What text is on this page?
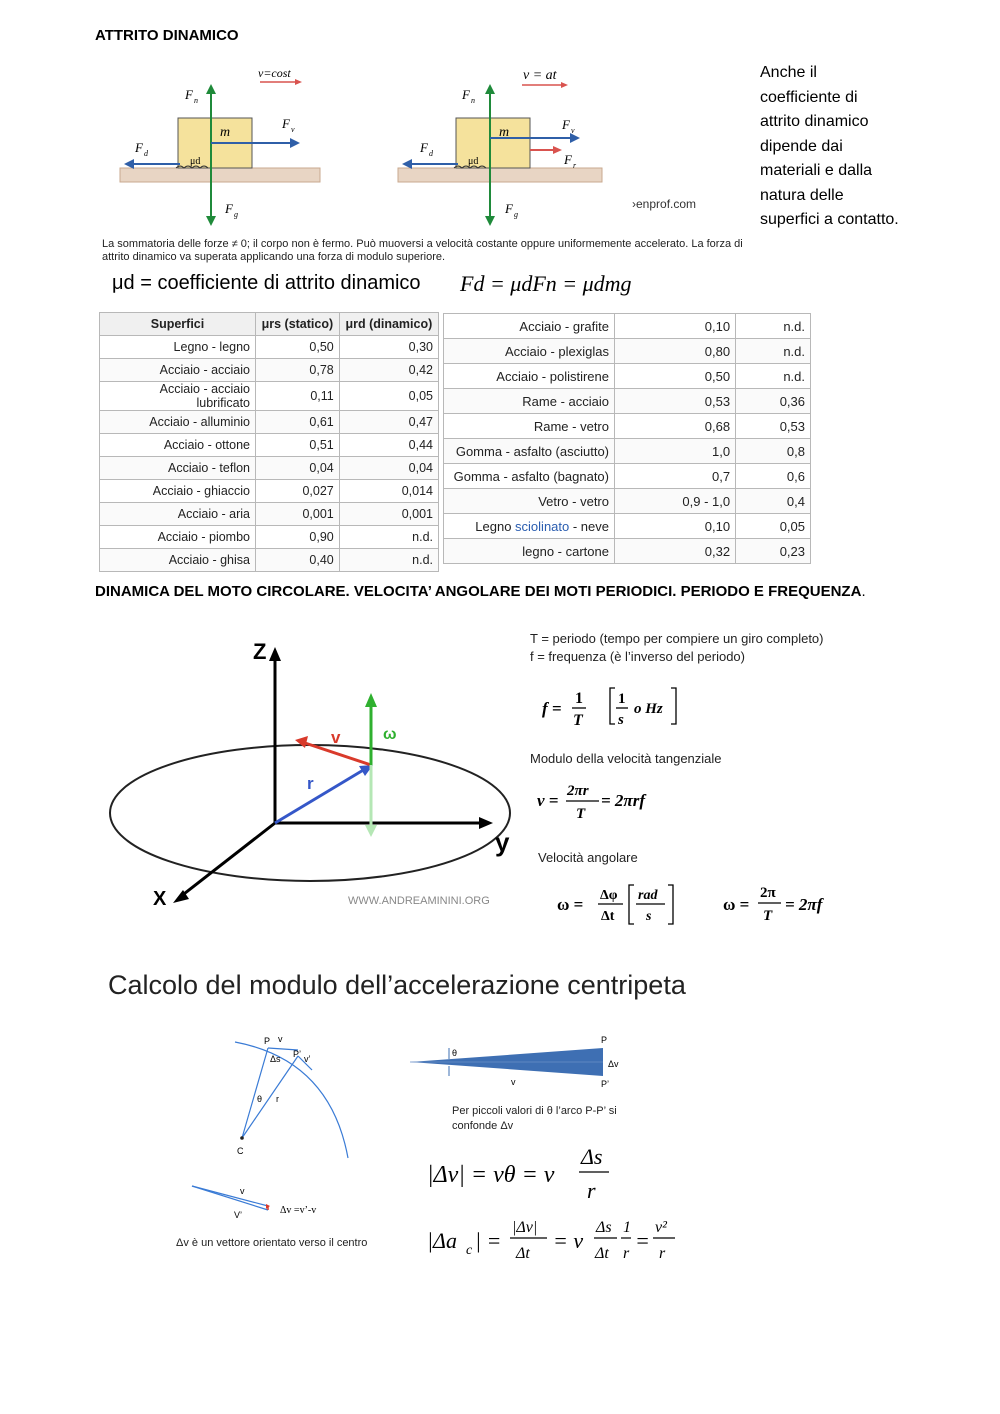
ATTRITO DINAMICO
v=cost
F n
m
μd
F v
F d
F g
v = at
F n
m
μd
F v
F r
F d
F g
›enprof.com
Anche il coefficiente di attrito dinamico dipende dai materiali e dalla natura delle superfici a contatto.
La sommatoria delle forze ≠ 0; il corpo non è fermo. Può muoversi a velocità costante oppure uniformemente accelerato. La forza di attrito dinamico va superata applicando una forza di modulo superiore.
μd = coefficiente di attrito dinamico Fd = μdFn = μdmg
Superfici	μrs (statico)	μrd (dinamico)
Legno - legno	0,50	0,30
Acciaio - acciaio	0,78	0,42
Acciaio - acciaio lubrificato	0,11	0,05
Acciaio - alluminio	0,61	0,47
Acciaio - ottone	0,51	0,44
Acciaio - teflon	0,04	0,04
Acciaio - ghiaccio	0,027	0,014
Acciaio - aria	0,001	0,001
Acciaio - piombo	0,90	n.d.
Acciaio - ghisa	0,40	n.d.
Acciaio - grafite	0,10	n.d.
Acciaio - plexiglas	0,80	n.d.
Acciaio - polistirene	0,50	n.d.
Rame - acciaio	0,53	0,36
Rame - vetro	0,68	0,53
Gomma - asfalto (asciutto)	1,0	0,8
Gomma - asfalto (bagnato)	0,7	0,6
Vetro - vetro	0,9 - 1,0	0,4
Legno sciolinato - neve	0,10	0,05
legno - cartone	0,32	0,23
DINAMICA DEL MOTO CIRCOLARE. VELOCITA’ ANGOLARE DEI MOTI PERIODICI. PERIODO E FREQUENZA.
Z
y
X
v	ω
r
WWW.ANDREAMININI.ORG
T = periodo (tempo per compiere un giro completo)
f = frequenza (è l’inverso del periodo)
f =
1
T
1
s
o Hz
Modulo della velocità tangenziale
v = 2πr
T
= 2πrf
Velocità angolare
ω = Δφ
Δt
rad
s
ω =
2π
T
= 2πf
Calcolo del modulo dell’accelerazione centripeta
P v
P’ v’
Δs
θ r
C
v
V’	Δv =v’-v
Δv è un vettore orientato verso il centro
θ
P
Δv
v	P’
Per piccoli valori di θ l’arco P-P’ si confonde Δv
|Δv| = vθ = v
Δs
r
|Δa c | =
|Δv|
Δt
= v
Δs
Δt
1
r
=
v²
r
